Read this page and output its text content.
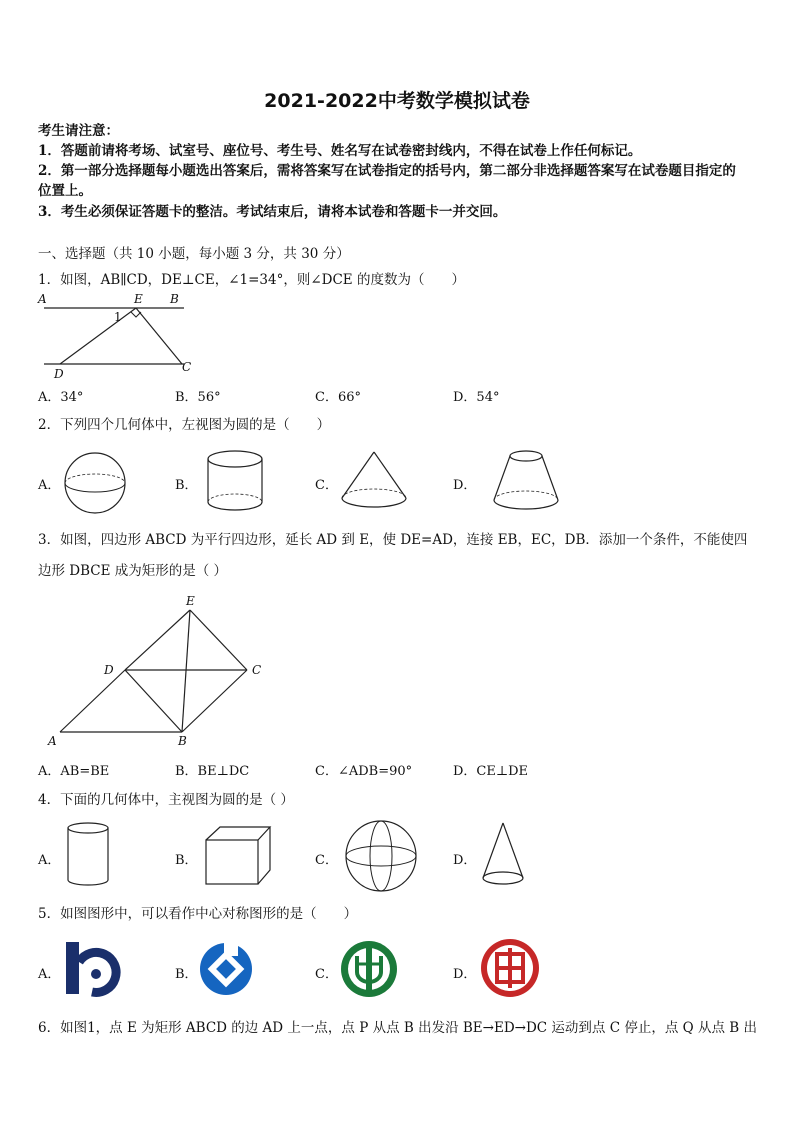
2021-2022中考数学模拟试卷
考生请注意：
1．答题前请将考场、试室号、座位号、考生号、姓名写在试卷密封线内，不得在试卷上作任何标记。
2．第一部分选择题每小题选出答案后，需将答案写在试卷指定的括号内，第二部分非选择题答案写在试卷题目指定的
位置上。
3．考生必须保证答题卡的整洁。考试结束后，请将本试卷和答题卡一并交回。
一、选择题（共 10 小题，每小题 3 分，共 30 分）
1．如图，AB∥CD，DE⊥CE，∠1=34°，则∠DCE 的度数为（　　）
A	E B
1
D	C
A．34°	B．56°	C．66°	D．54°
2．下列四个几何体中，左视图为圆的是（　　）
A．	B．	C．	D．
3．如图，四边形 ABCD 为平行四边形，延长 AD 到 E，使 DE=AD，连接 EB，EC，DB．添加一个条件，不能使四
边形 DBCE 成为矩形的是（ ）
E
D	C
A	B
A．AB=BE	B．BE⊥DC	C．∠ADB=90°	D．CE⊥DE
4．下面的几何体中，主视图为圆的是（ ）
A．	B．	C．	D．
5．如图图形中，可以看作中心对称图形的是（　　）
A．	B．	C．	D．
6．如图1，点 E 为矩形 ABCD 的边 AD 上一点，点 P 从点 B 出发沿 BE→ED→DC 运动到点 C 停止，点 Q 从点 B 出
